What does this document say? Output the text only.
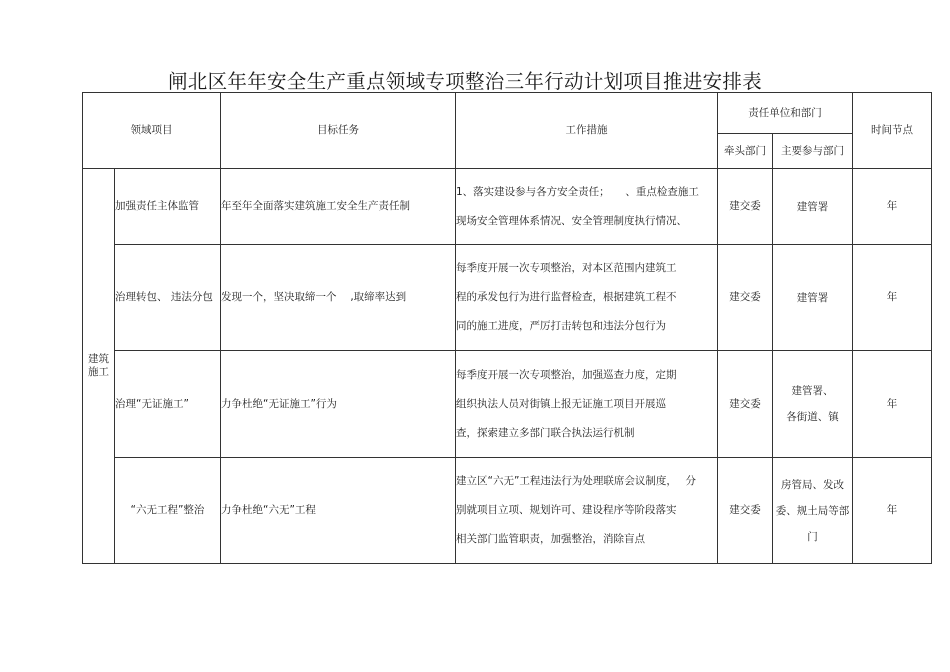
闸北区年年安全生产重点领域专项整治三年行动计划项目推进安排表
领域项目		目标任务	工作措施	责任单位和部门		时间节点
				牵头部门	主要参与部门	

建筑
施工	加强责任主体监管	年至年全面落实建筑施工安全生产责任制	1、落实建设参与各方安全责任；　　、重点检查施工
现场安全管理体系情况、安全管理制度执行情况、	建交委	建管署	年
	治理转包、 违法分包	发现一个，坚决取缔一个　 ,取缔率达到	每季度开展一次专项整治，对本区范围内建筑工
程的承发包行为进行监督检查，根据建筑工程不
同的施工进度，严厉打击转包和违法分包行为	建交委	建管署	年
	治理“无证施工”	力争杜绝“无证施工”行为	每季度开展一次专项整治，加强巡查力度，定期
组织执法人员对街镇上报无证施工项目开展巡
查，探索建立多部门联合执法运行机制	建交委	建管署、
各街道、镇	年
	“六无工程”整治	力争杜绝“六无”工程	建立区“六无”工程违法行为处理联席会议制度，　 分
别就项目立项、规划许可、建设程序等阶段落实
相关部门监管职责，加强整治，消除盲点	建交委	房管局、发改
委、规土局等部
门	年
